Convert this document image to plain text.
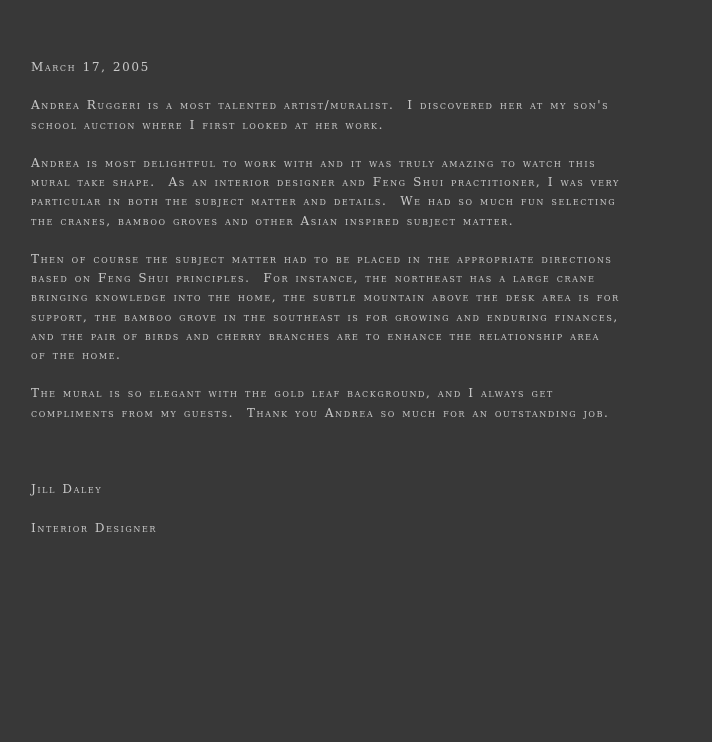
March 17, 2005

Andrea Ruggeri is a most talented artist/muralist.  I discovered her at my son's school auction where I first looked at her work.

Andrea is most delightful to work with and it was truly amazing to watch this mural take shape.  As an interior designer and Feng Shui practitioner, I was very particular in both the subject matter and details.  We had so much fun selecting the cranes, bamboo groves and other Asian inspired subject matter.

Then of course the subject matter had to be placed in the appropriate directions based on Feng Shui principles.  For instance, the northeast has a large crane bringing knowledge into the home, the subtle mountain above the desk area is for support, the bamboo grove in the southeast is for growing and enduring finances, and the pair of birds and cherry branches are to enhance the relationship area of the home.

The mural is so elegant with the gold leaf background, and I always get compliments from my guests.  Thank you Andrea so much for an outstanding job.

Jill Daley

Interior Designer
